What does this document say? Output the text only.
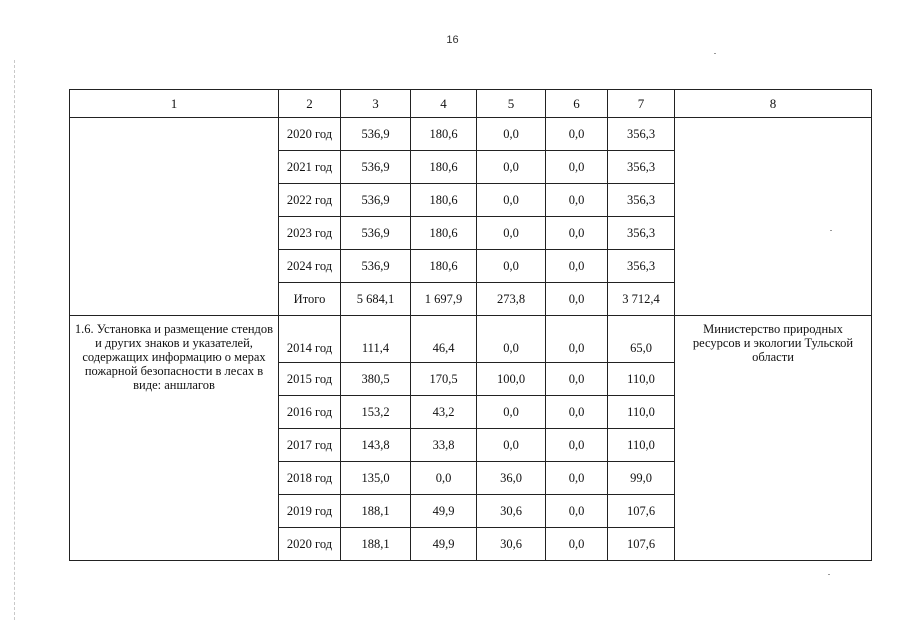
16
1	2	3	4	5	6	7	8
	2020 год	536,9	180,6	0,0	0,0	356,3	
	2021 год	536,9	180,6	0,0	0,0	356,3	
	2022 год	536,9	180,6	0,0	0,0	356,3	
	2023 год	536,9	180,6	0,0	0,0	356,3	
	2024 год	536,9	180,6	0,0	0,0	356,3	
	Итого	5 684,1	1 697,9	273,8	0,0	3 712,4	
1.6. Установка и размещение стендов и других знаков и указателей, содержащих информацию о мерах пожарной безопасности в лесах в виде: аншлагов	2014 год	111,4	46,4	0,0	0,0	65,0	Министерство природных ресурсов и экологии Тульской области
	2015 год	380,5	170,5	100,0	0,0	110,0	
	2016 год	153,2	43,2	0,0	0,0	110,0	
	2017 год	143,8	33,8	0,0	0,0	110,0	
	2018 год	135,0	0,0	36,0	0,0	99,0	
	2019 год	188,1	49,9	30,6	0,0	107,6	
	2020 год	188,1	49,9	30,6	0,0	107,6	
